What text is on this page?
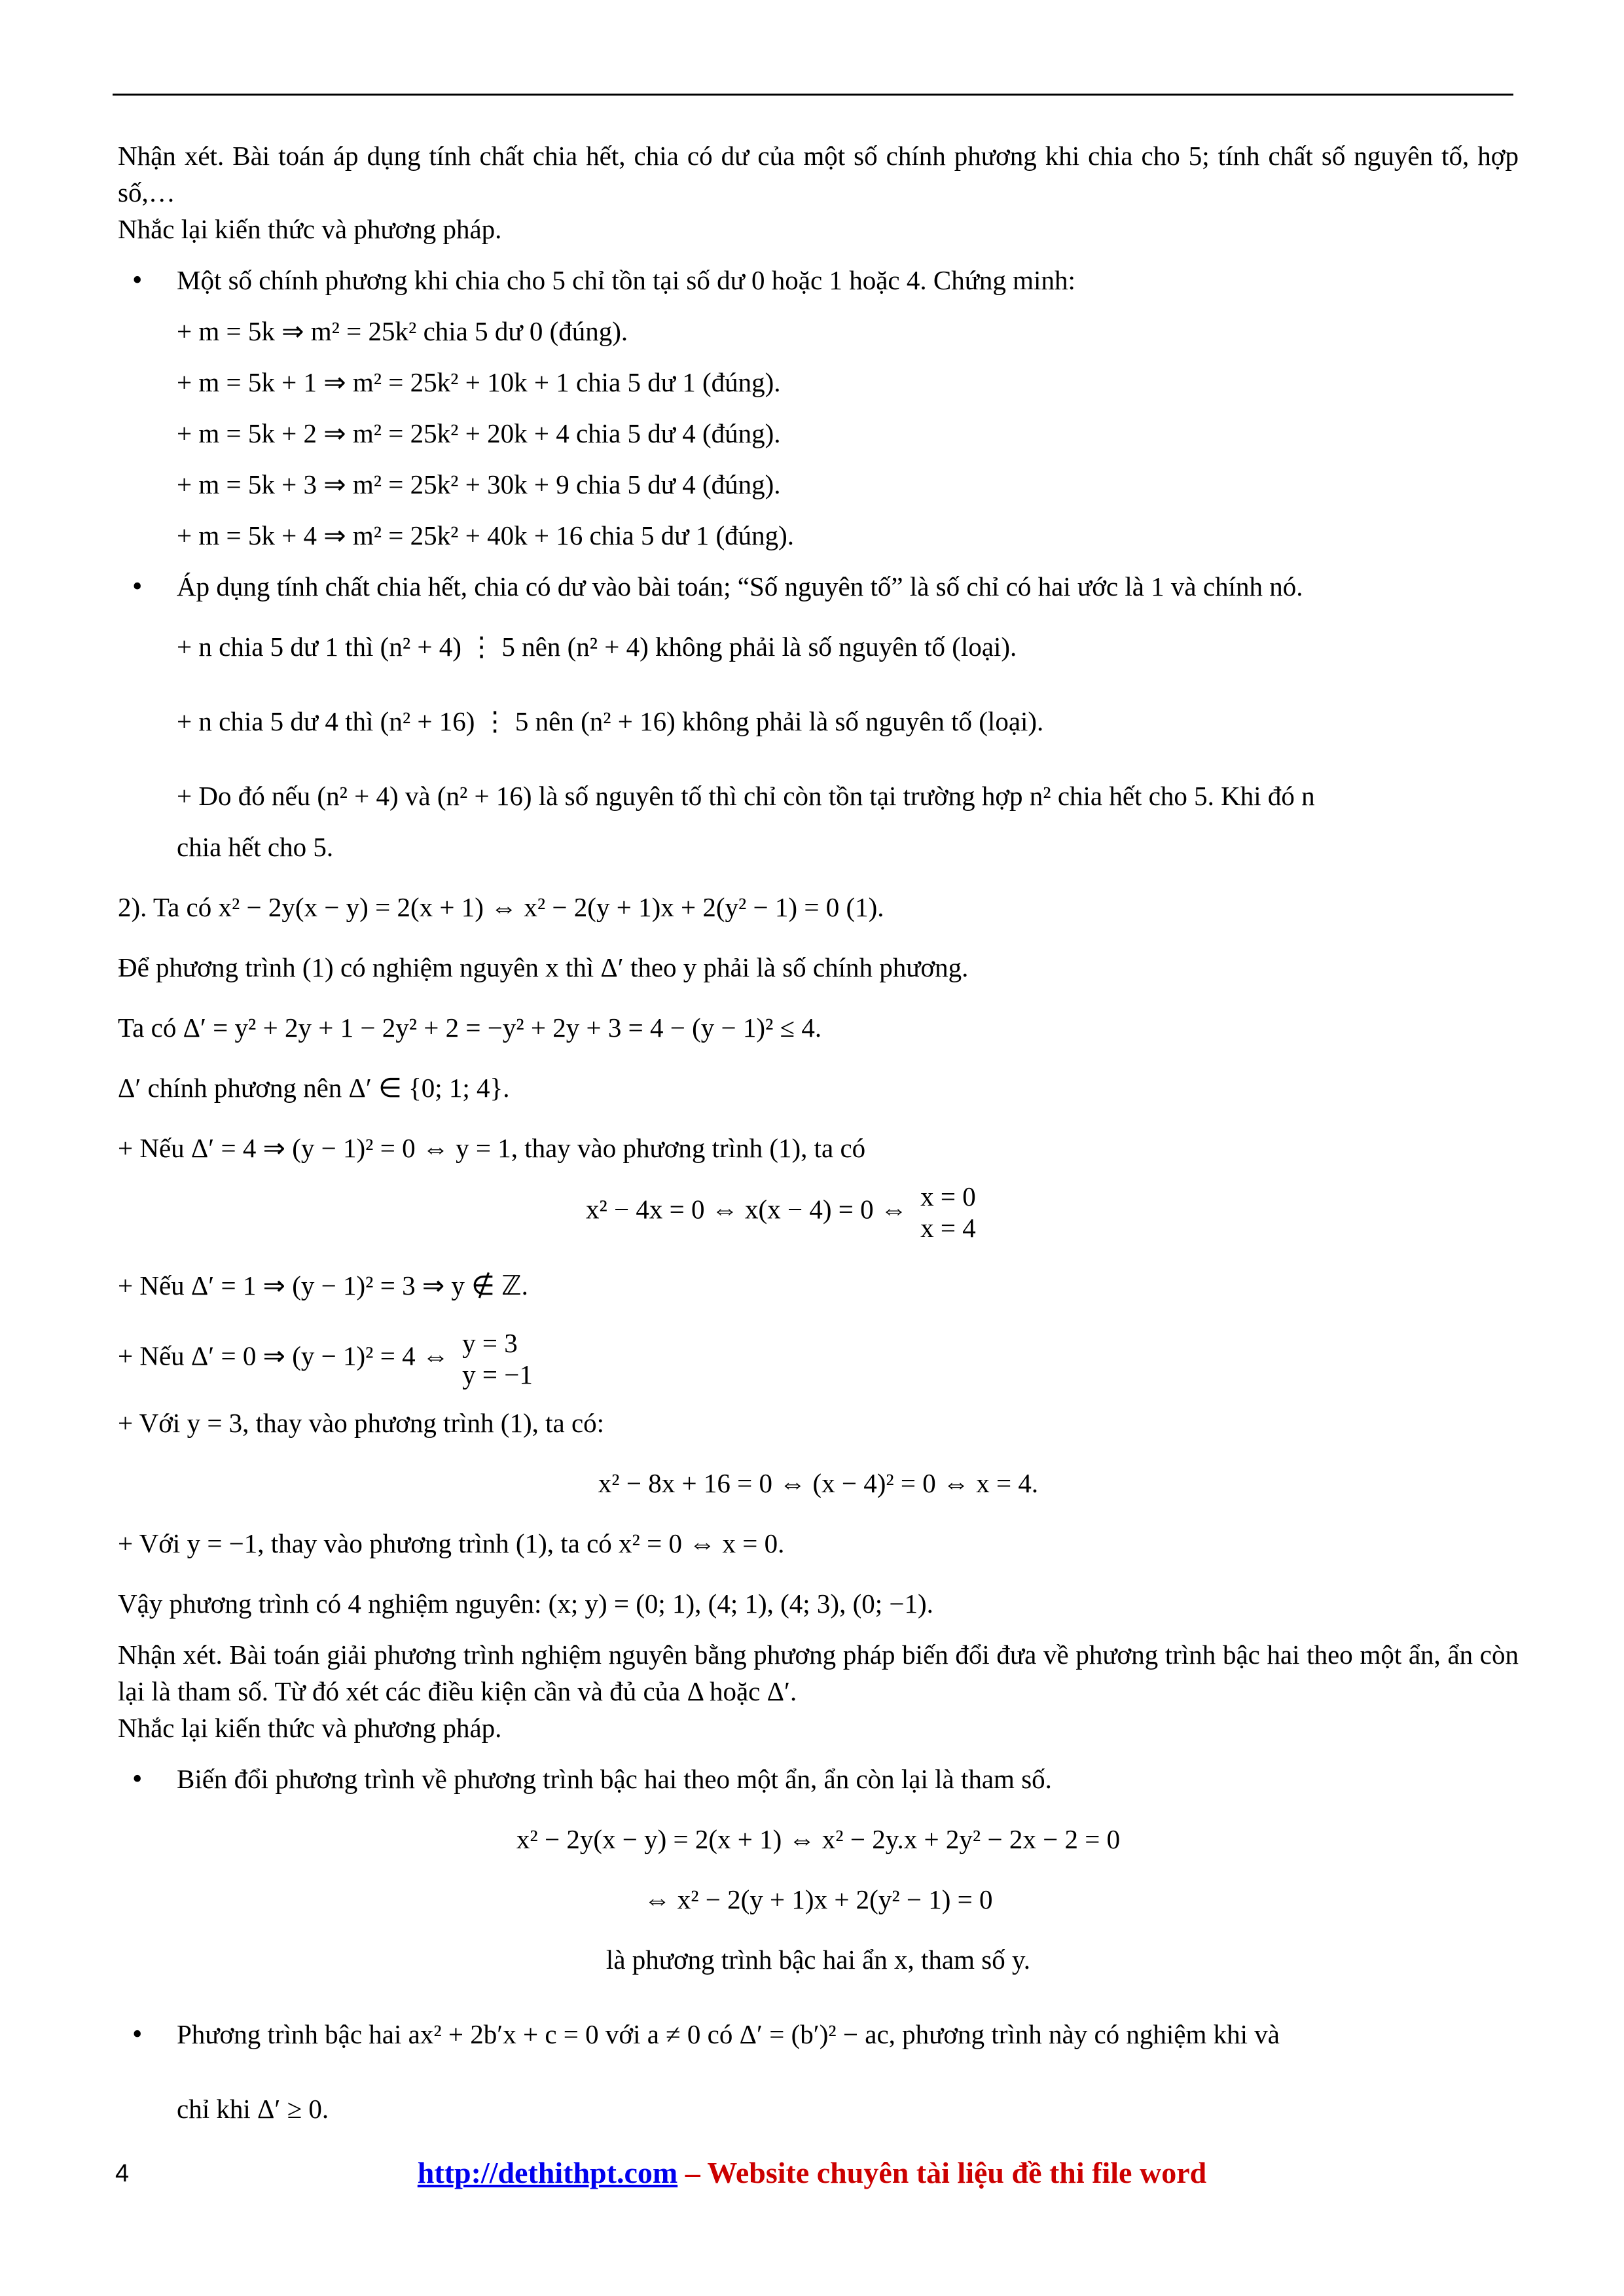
Nhận xét. Bài toán áp dụng tính chất chia hết, chia có dư của một số chính phương khi chia cho 5; tính chất số nguyên tố, hợp số,…

Nhắc lại kiến thức và phương pháp.

• Một số chính phương khi chia cho 5 chỉ tồn tại số dư 0 hoặc 1 hoặc 4. Chứng minh:

+ m = 5k ⇒ m² = 25k² chia 5 dư 0 (đúng).

+ m = 5k + 1 ⇒ m² = 25k² + 10k + 1 chia 5 dư 1 (đúng).

+ m = 5k + 2 ⇒ m² = 25k² + 20k + 4 chia 5 dư 4 (đúng).

+ m = 5k + 3 ⇒ m² = 25k² + 30k + 9 chia 5 dư 4 (đúng).

+ m = 5k + 4 ⇒ m² = 25k² + 40k + 16 chia 5 dư 1 (đúng).

• Áp dụng tính chất chia hết, chia có dư vào bài toán; “Số nguyên tố” là số chỉ có hai ước là 1 và chính nó.

+ n chia 5 dư 1 thì (n² + 4) ⋮ 5 nên (n² + 4) không phải là số nguyên tố (loại).

+ n chia 5 dư 4 thì (n² + 16) ⋮ 5 nên (n² + 16) không phải là số nguyên tố (loại).

+ Do đó nếu (n² + 4) và (n² + 16) là số nguyên tố thì chỉ còn tồn tại trường hợp n² chia hết cho 5. Khi đó n

chia hết cho 5.

2). Ta có x² − 2y(x − y) = 2(x + 1) ⇔ x² − 2(y + 1)x + 2(y² − 1) = 0 (1).

Để phương trình (1) có nghiệm nguyên x thì Δ′ theo y phải là số chính phương.

Ta có Δ′ = y² + 2y + 1 − 2y² + 2 = −y² + 2y + 3 = 4 − (y − 1)² ≤ 4.

Δ′ chính phương nên Δ′ ∈ {0; 1; 4}.

+ Nếu Δ′ = 4 ⇒ (y − 1)² = 0 ⇔ y = 1, thay vào phương trình (1), ta có

x² − 4x = 0 ⇔ x(x − 4) = 0 ⇔ x = 0
x = 4

+ Nếu Δ′ = 1 ⇒ (y − 1)² = 3 ⇒ y ∉ ℤ.

+ Nếu Δ′ = 0 ⇒ (y − 1)² = 4 ⇔ y = 3
y = −1

+ Với y = 3, thay vào phương trình (1), ta có:

x² − 8x + 16 = 0 ⇔ (x − 4)² = 0 ⇔ x = 4.

+ Với y = −1, thay vào phương trình (1), ta có x² = 0 ⇔ x = 0.

Vậy phương trình có 4 nghiệm nguyên: (x; y) = (0; 1), (4; 1), (4; 3), (0; −1).

Nhận xét. Bài toán giải phương trình nghiệm nguyên bằng phương pháp biến đổi đưa về phương trình bậc hai theo một ẩn, ẩn còn lại là tham số. Từ đó xét các điều kiện cần và đủ của Δ hoặc Δ′.

Nhắc lại kiến thức và phương pháp.

• Biến đổi phương trình về phương trình bậc hai theo một ẩn, ẩn còn lại là tham số.

x² − 2y(x − y) = 2(x + 1) ⇔ x² − 2y.x + 2y² − 2x − 2 = 0

⇔ x² − 2(y + 1)x + 2(y² − 1) = 0

là phương trình bậc hai ẩn x, tham số y.

• Phương trình bậc hai ax² + 2b′x + c = 0 với a ≠ 0 có Δ′ = (b′)² − ac, phương trình này có nghiệm khi và

chỉ khi Δ′ ≥ 0.

4	http://dethithpt.com – Website chuyên tài liệu đề thi file word
